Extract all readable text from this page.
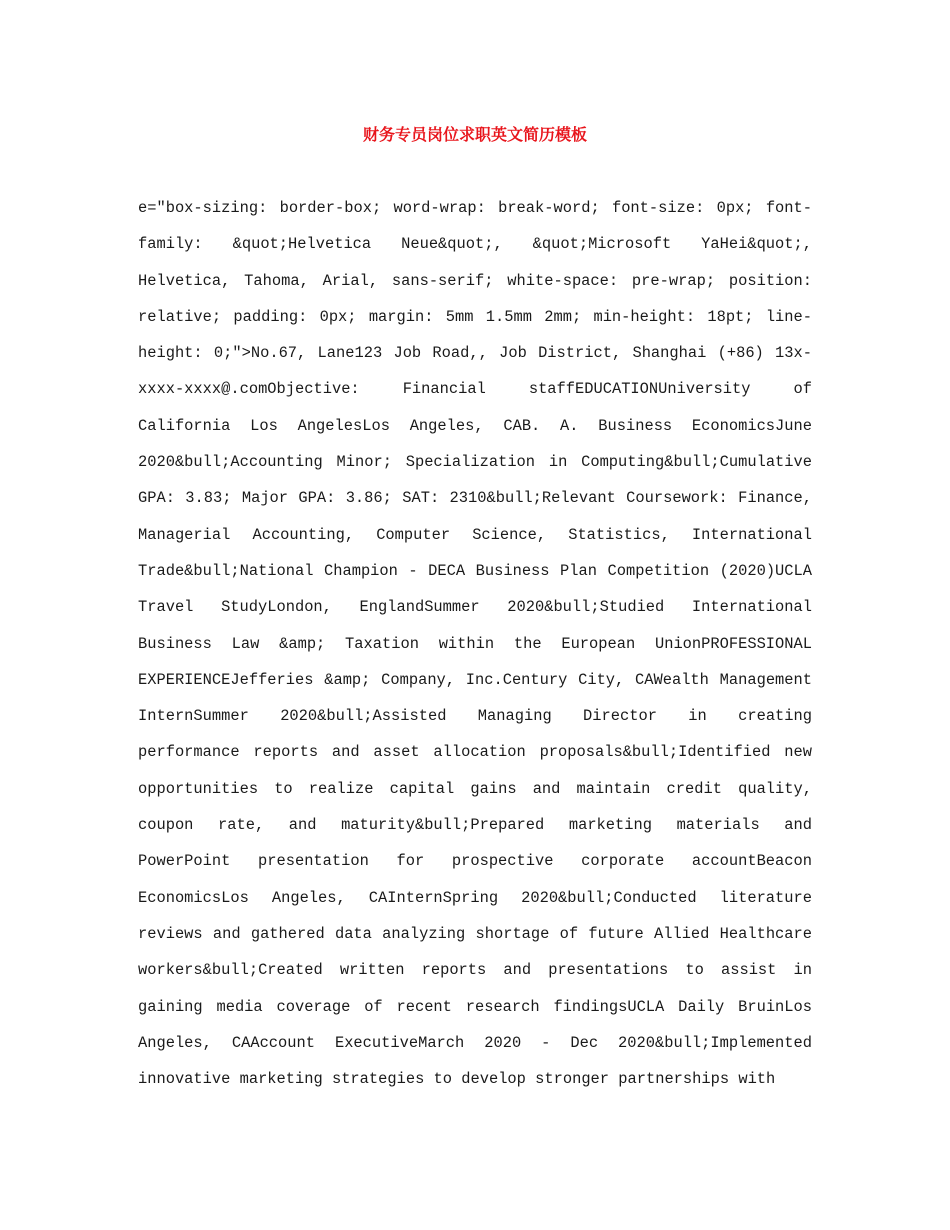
财务专员岗位求职英文简历模板

e="box-sizing: border-box; word-wrap: break-word; font-size: 0px; font-family: &quot;Helvetica Neue&quot;, &quot;Microsoft YaHei&quot;, Helvetica, Tahoma, Arial, sans-serif; white-space: pre-wrap; position: relative; padding: 0px; margin: 5mm 1.5mm 2mm; min-height: 18pt; line-height: 0;">No.67, Lane123 Job Road,, Job District, Shanghai (+86) 13x-xxxx-xxxx@.comObjective: Financial staffEDUCATIONUniversity of California Los AngelesLos Angeles, CAB. A. Business EconomicsJune 2020&bull;Accounting Minor; Specialization in Computing&bull;Cumulative GPA: 3.83; Major GPA: 3.86; SAT: 2310&bull;Relevant Coursework: Finance, Managerial Accounting, Computer Science, Statistics, International Trade&bull;National Champion - DECA Business Plan Competition (2020)UCLA Travel StudyLondon, EnglandSummer 2020&bull;Studied International Business Law &amp; Taxation within the European UnionPROFESSIONAL EXPERIENCEJefferies &amp; Company, Inc.Century City, CAWealth Management InternSummer 2020&bull;Assisted Managing Director in creating performance reports and asset allocation proposals&bull;Identified new opportunities to realize capital gains and maintain credit quality, coupon rate, and maturity&bull;Prepared marketing materials and PowerPoint presentation for prospective corporate accountBeacon EconomicsLos Angeles, CAInternSpring 2020&bull;Conducted literature reviews and gathered data analyzing shortage of future Allied Healthcare workers&bull;Created written reports and presentations to assist in gaining media coverage of recent research findingsUCLA Daily BruinLos Angeles, CAAccount ExecutiveMarch 2020 - Dec 2020&bull;Implemented innovative marketing strategies to develop stronger partnerships with
